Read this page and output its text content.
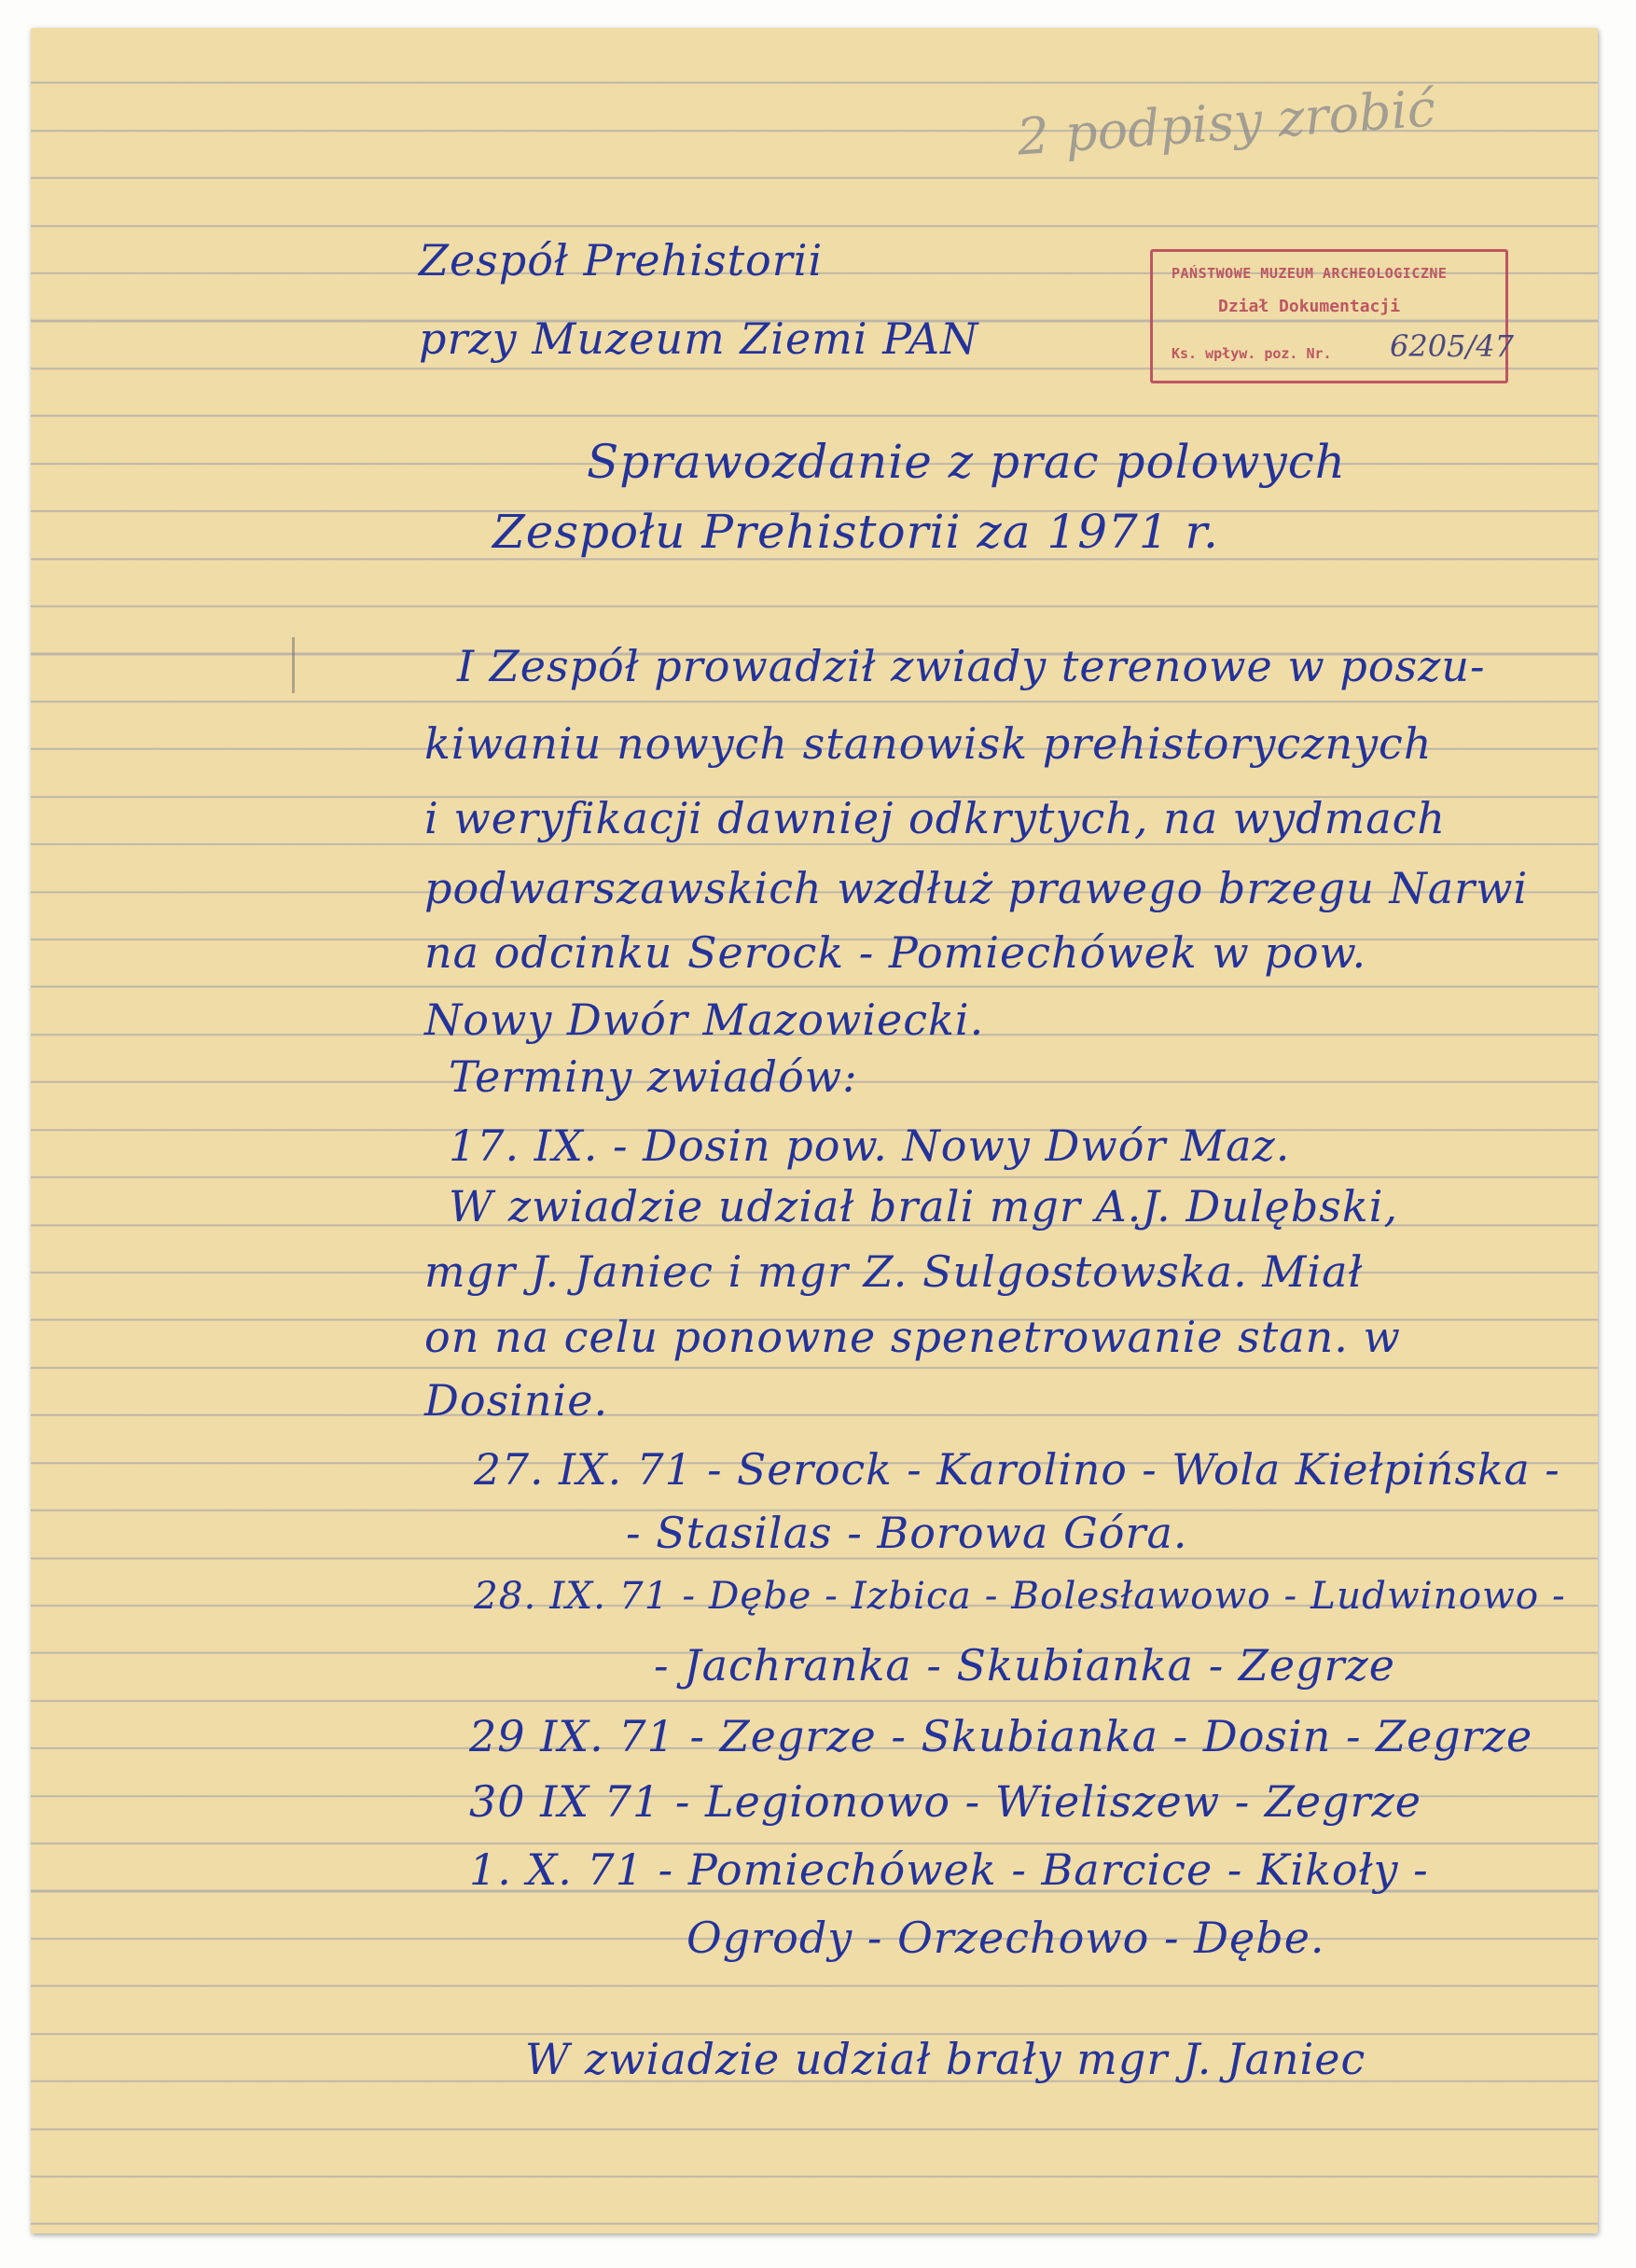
2 podpisy zrobić
Zespół Prehistorii
przy Muzeum Ziemi PAN
PAŃSTWOWE MUZEUM ARCHEOLOGICZNE
Dział Dokumentacji
Ks. wpływ. poz. Nr. 6205/47
Sprawozdanie z prac polowych
Zespołu Prehistorii za 1971 r.
I Zespół prowadził zwiady terenowe w poszu-
kiwaniu nowych stanowisk prehistorycznych
i weryfikacji dawniej odkrytych, na wydmach
podwarszawskich wzdłuż prawego brzegu Narwi
na odcinku Serock - Pomiechówek w pow.
Nowy Dwór Mazowiecki.
Terminy zwiadów:
17. IX. - Dosin pow. Nowy Dwór Maz.
W zwiadzie udział brali mgr A.J. Dulębski,
mgr J. Janiec i mgr Z. Sulgostowska. Miał
on na celu ponowne spenetrowanie stan. w
Dosinie.
27. IX. 71 - Serock - Karolino - Wola Kiełpińska -
- Stasilas - Borowa Góra.
28. IX. 71 - Dębe - Izbica - Bolesławowo - Ludwinowo -
- Jachranka - Skubianka - Zegrze
29 IX. 71 - Zegrze - Skubianka - Dosin - Zegrze
30 IX 71 - Legionowo - Wieliszew - Zegrze
1. X. 71 - Pomiechówek - Barcice - Kikoły -
Ogrody - Orzechowo - Dębe.
W zwiadzie udział brały mgr J. Janiec
